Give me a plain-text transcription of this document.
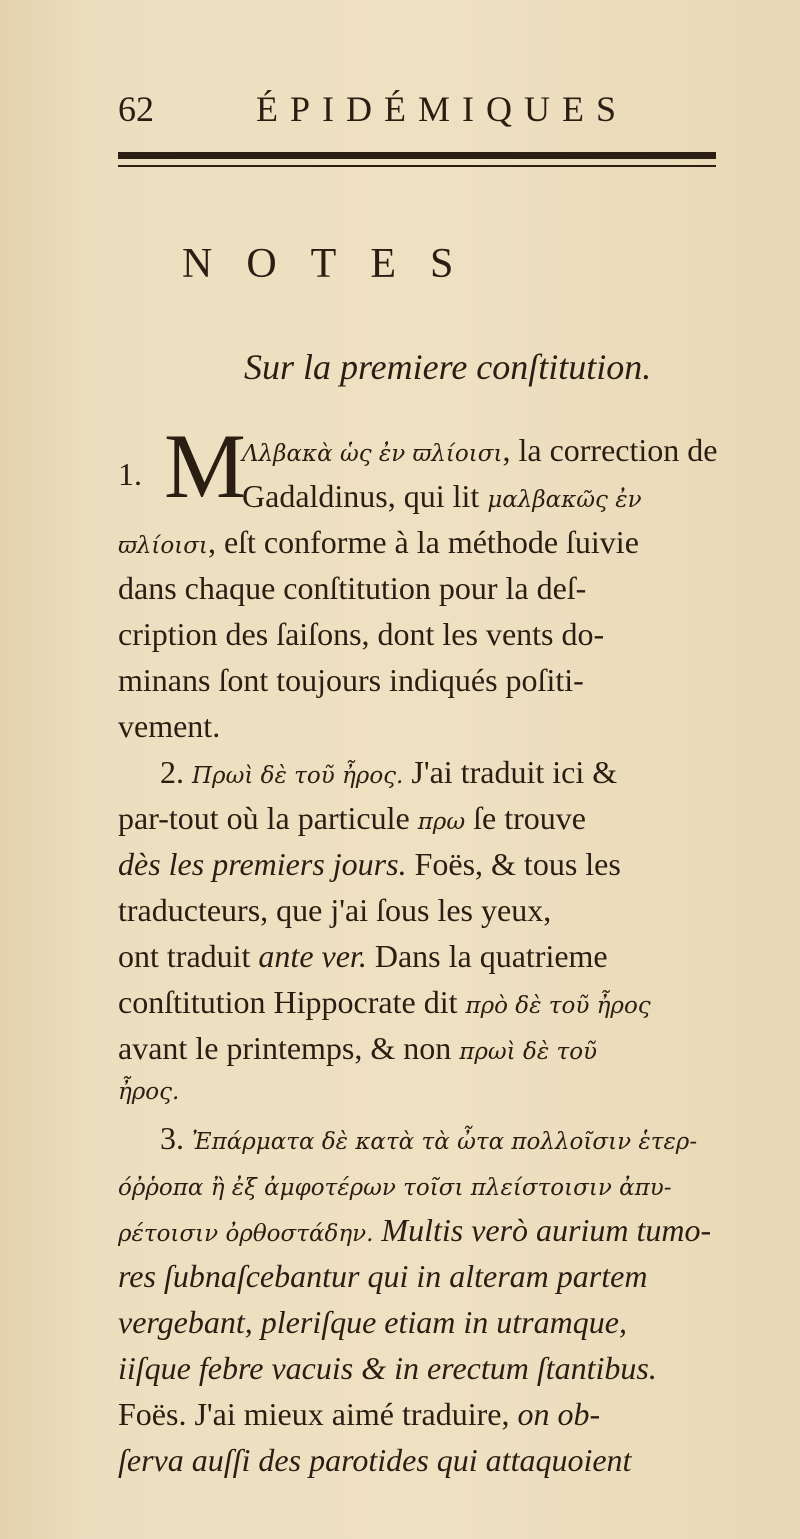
62	ÉPIDÉMIQUES
NOTES
Sur la premiere conſtitution.
1. M
Λλβακὰ ὡς ἐν ϖλίοισι, la correction de
Gadaldinus, qui lit μαλβακῶς ἐν
ϖλίοισι, eſt conforme à la méthode ſuivie
dans chaque conſtitution pour la deſ-
cription des ſaiſons, dont les vents do-
minans ſont toujours indiqués poſiti-
vement.
2. Πρωὶ δὲ τοῦ ἦρος. J'ai traduit ici &
par-tout où la particule πρω ſe trouve
dès les premiers jours. Foës, & tous les
traducteurs, que j'ai ſous les yeux,
ont traduit ante ver. Dans la quatrieme
conſtitution Hippocrate dit πρὸ δὲ τοῦ ἦρος
avant le printemps, & non πρωὶ δὲ τοῦ
ἦρος.
3. Ἐπάρματα δὲ κατὰ τὰ ὦτα πολλοῖσιν ἑτερ-
όῤῥοπα ἢ ἐξ ἀμφοτέρων τοῖσι πλείστοισιν ἀπυ-
ρέτοισιν ὀρθοστάδην. Multis verò aurium tumo-
res ſubnaſcebantur qui in alteram partem
vergebant, pleriſque etiam in utramque,
iiſque febre vacuis & in erectum ſtantibus.
Foës. J'ai mieux aimé traduire, on ob-
ſerva auſſi des parotides qui attaquoient
